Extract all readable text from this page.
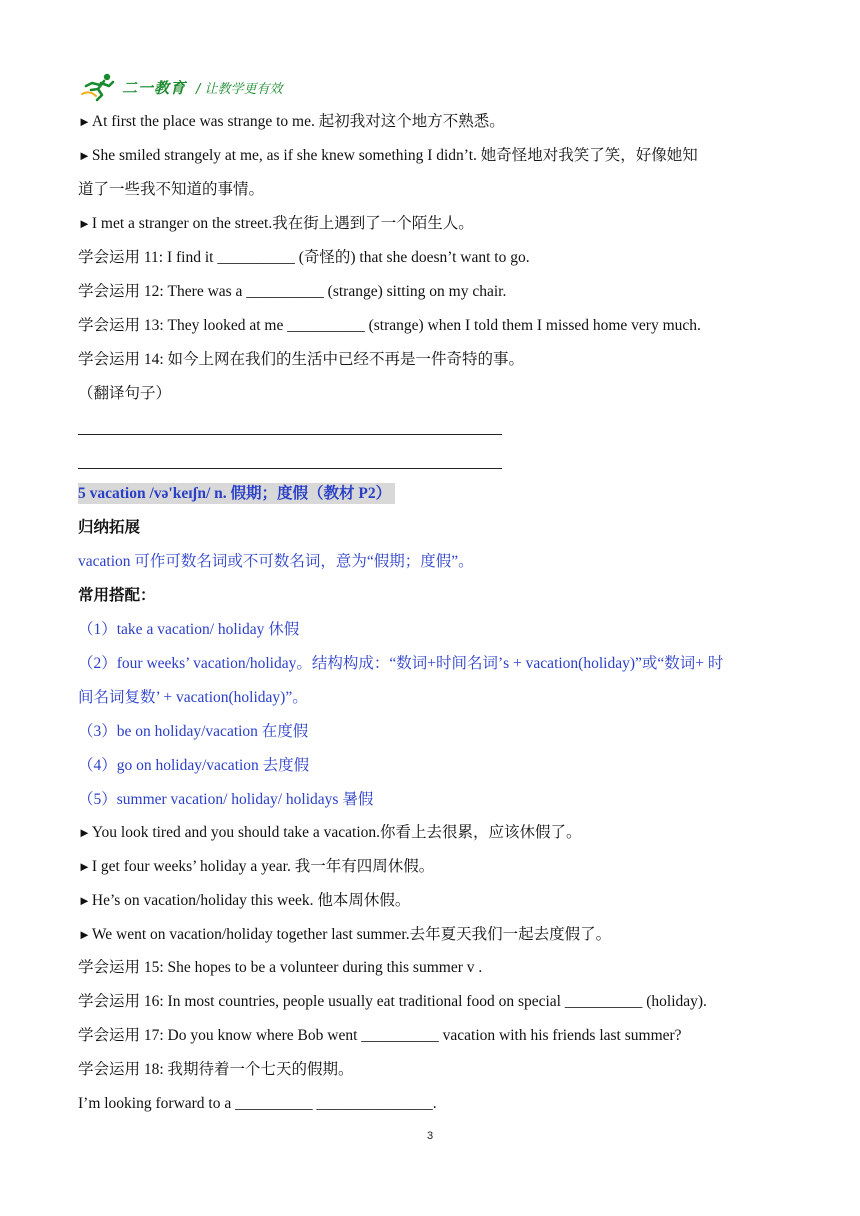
二一教育 / 让教学更有效
►At first the place was strange to me. 起初我对这个地方不熟悉。
►She smiled strangely at me, as if she knew something I didn’t. 她奇怪地对我笑了笑，好像她知
道了一些我不知道的事情。
►I met a stranger on the street.我在街上遇到了一个陌生人。
学会运用 11: I find it __________ (奇怪的) that she doesn’t want to go.
学会运用 12: There was a __________ (strange) sitting on my chair.
学会运用 13: They looked at me __________ (strange) when I told them I missed home very much.
学会运用 14: 如今上网在我们的生活中已经不再是一件奇特的事。
（翻译句子）
5 vacation /və'keɪʃn/ n. 假期；度假（教材 P2）
归纳拓展
vacation 可作可数名词或不可数名词，意为“假期；度假”。
常用搭配：
（1）take a vacation/ holiday 休假
（2）four weeks’ vacation/holiday。结构构成：“数词+时间名词’s + vacation(holiday)”或“数词+ 时
间名词复数’ + vacation(holiday)”。
（3）be on holiday/vacation 在度假
（4）go on holiday/vacation 去度假
（5）summer vacation/ holiday/ holidays 暑假
►You look tired and you should take a vacation.你看上去很累，应该休假了。
►I get four weeks’ holiday a year. 我一年有四周休假。
►He’s on vacation/holiday this week. 他本周休假。
►We went on vacation/holiday together last summer.去年夏天我们一起去度假了。
学会运用 15: She hopes to be a volunteer during this summer v .
学会运用 16: In most countries, people usually eat traditional food on special __________ (holiday).
学会运用 17: Do you know where Bob went __________ vacation with his friends last summer?
学会运用 18: 我期待着一个七天的假期。
I’m looking forward to a __________ _______________.
3
